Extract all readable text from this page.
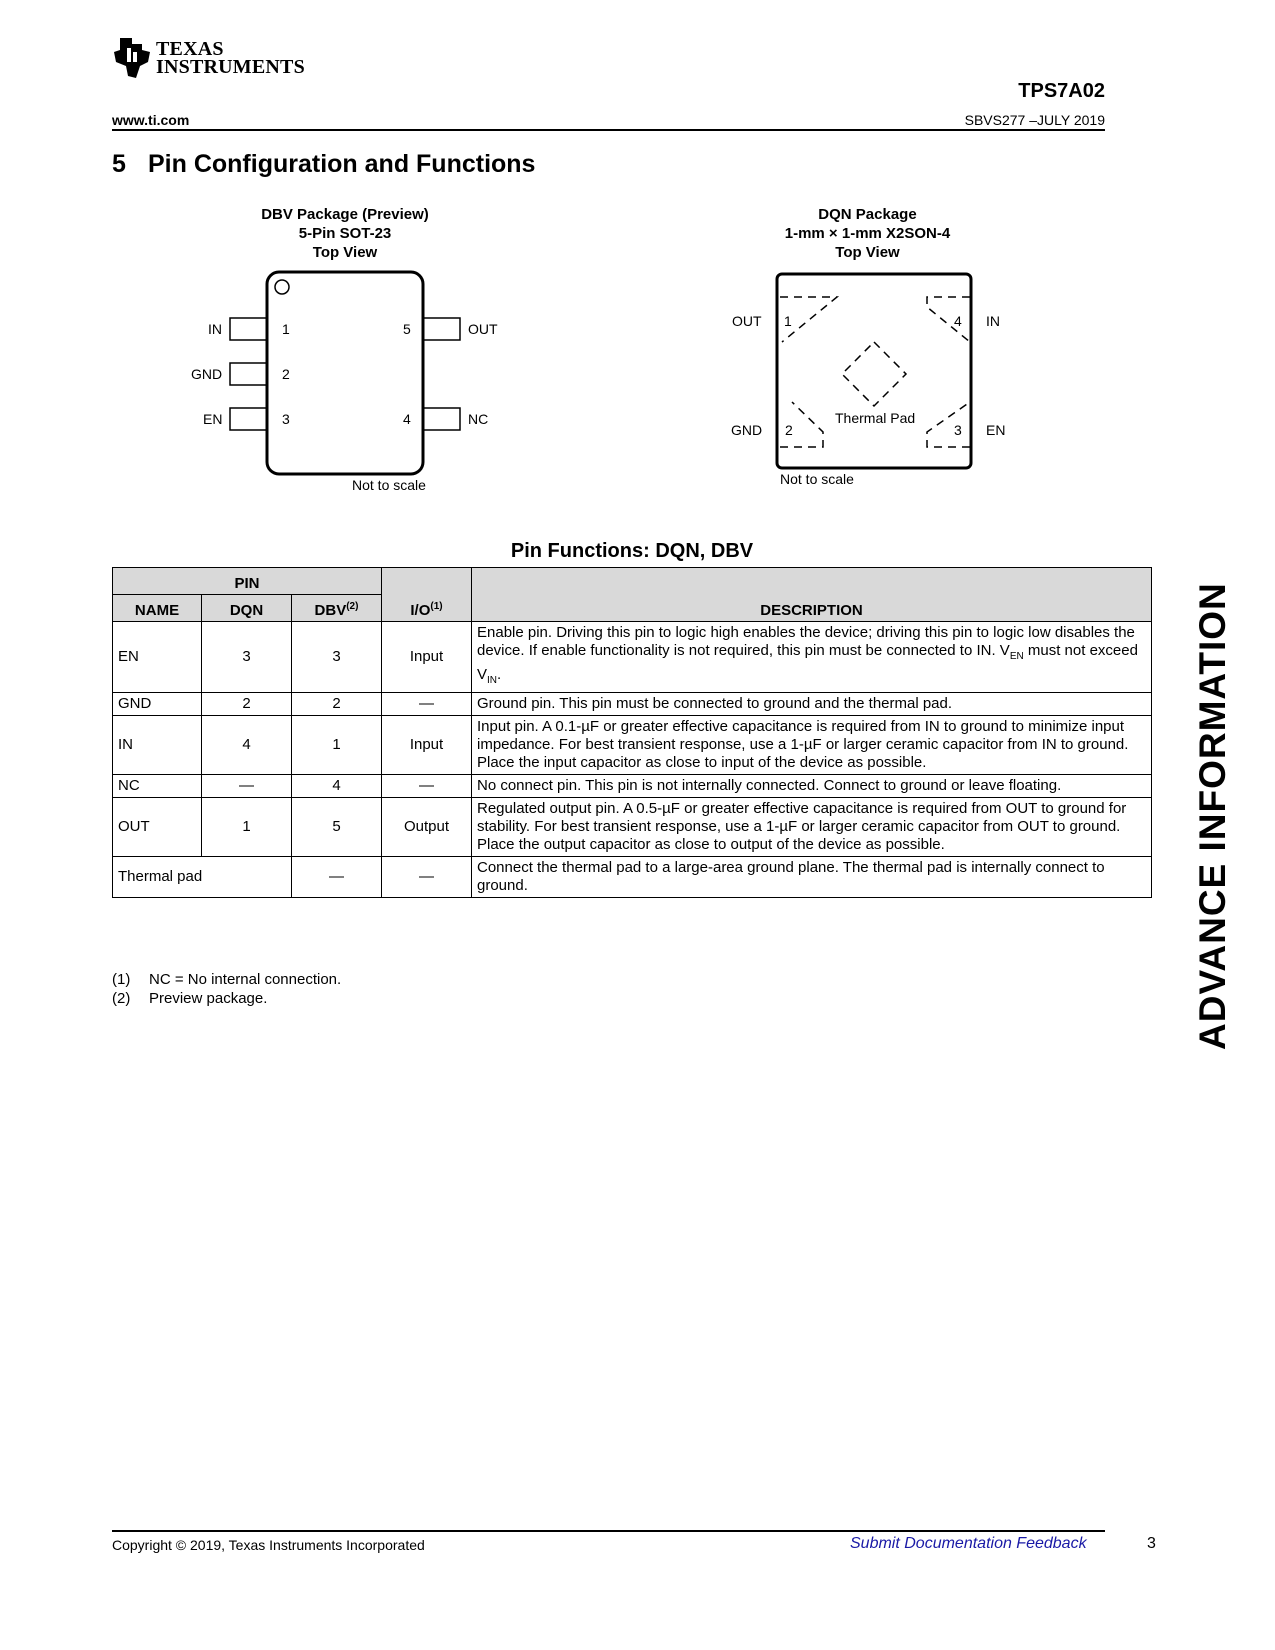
TEXAS
INSTRUMENTS
TPS7A02
www.ti.com	SBVS277 –JULY 2019
5 Pin Configuration and Functions
DBV Package (Preview)
5-Pin SOT-23
Top View
IN	1
GND	2
EN	3
5	OUT
4	NC
Not to scale
DQN Package
1-mm × 1-mm X2SON-4
Top View
OUT 1	4 IN
Thermal Pad
GND 2	3 EN
Not to scale
Pin Functions: DQN, DBV
PIN			$I/O^{(1)}$	DESCRIPTION
NAME	DQN	DBV$^{(2)}$
EN	3	3	Input	Enable pin. Driving this pin to logic high enables the device; driving this pin to logic low disables the device. If enable functionality is not required, this pin must be connected to IN. $V_{EN}$ must not exceed $V_{IN}$.
GND	2	2	—	Ground pin. This pin must be connected to ground and the thermal pad.
IN	4	1	Input	Input pin. A 0.1-µF or greater effective capacitance is required from IN to ground to minimize input impedance. For best transient response, use a 1-µF or larger ceramic capacitor from IN to ground. Place the input capacitor as close to input of the device as possible.
NC	—	4	—	No connect pin. This pin is not internally connected. Connect to ground or leave floating.
OUT	1	5	Output	Regulated output pin. A 0.5-µF or greater effective capacitance is required from OUT to ground for stability. For best transient response, use a 1-µF or larger ceramic capacitor from OUT to ground. Place the output capacitor as close to output of the device as possible.
Thermal pad		—	—	Connect the thermal pad to a large-area ground plane. The thermal pad is internally connect to ground.
(1) NC = No internal connection.
(2) Preview package.	ADVANCE INFORMATION
Copyright © 2019, Texas Instruments Incorporated	Submit Documentation Feedback	3
